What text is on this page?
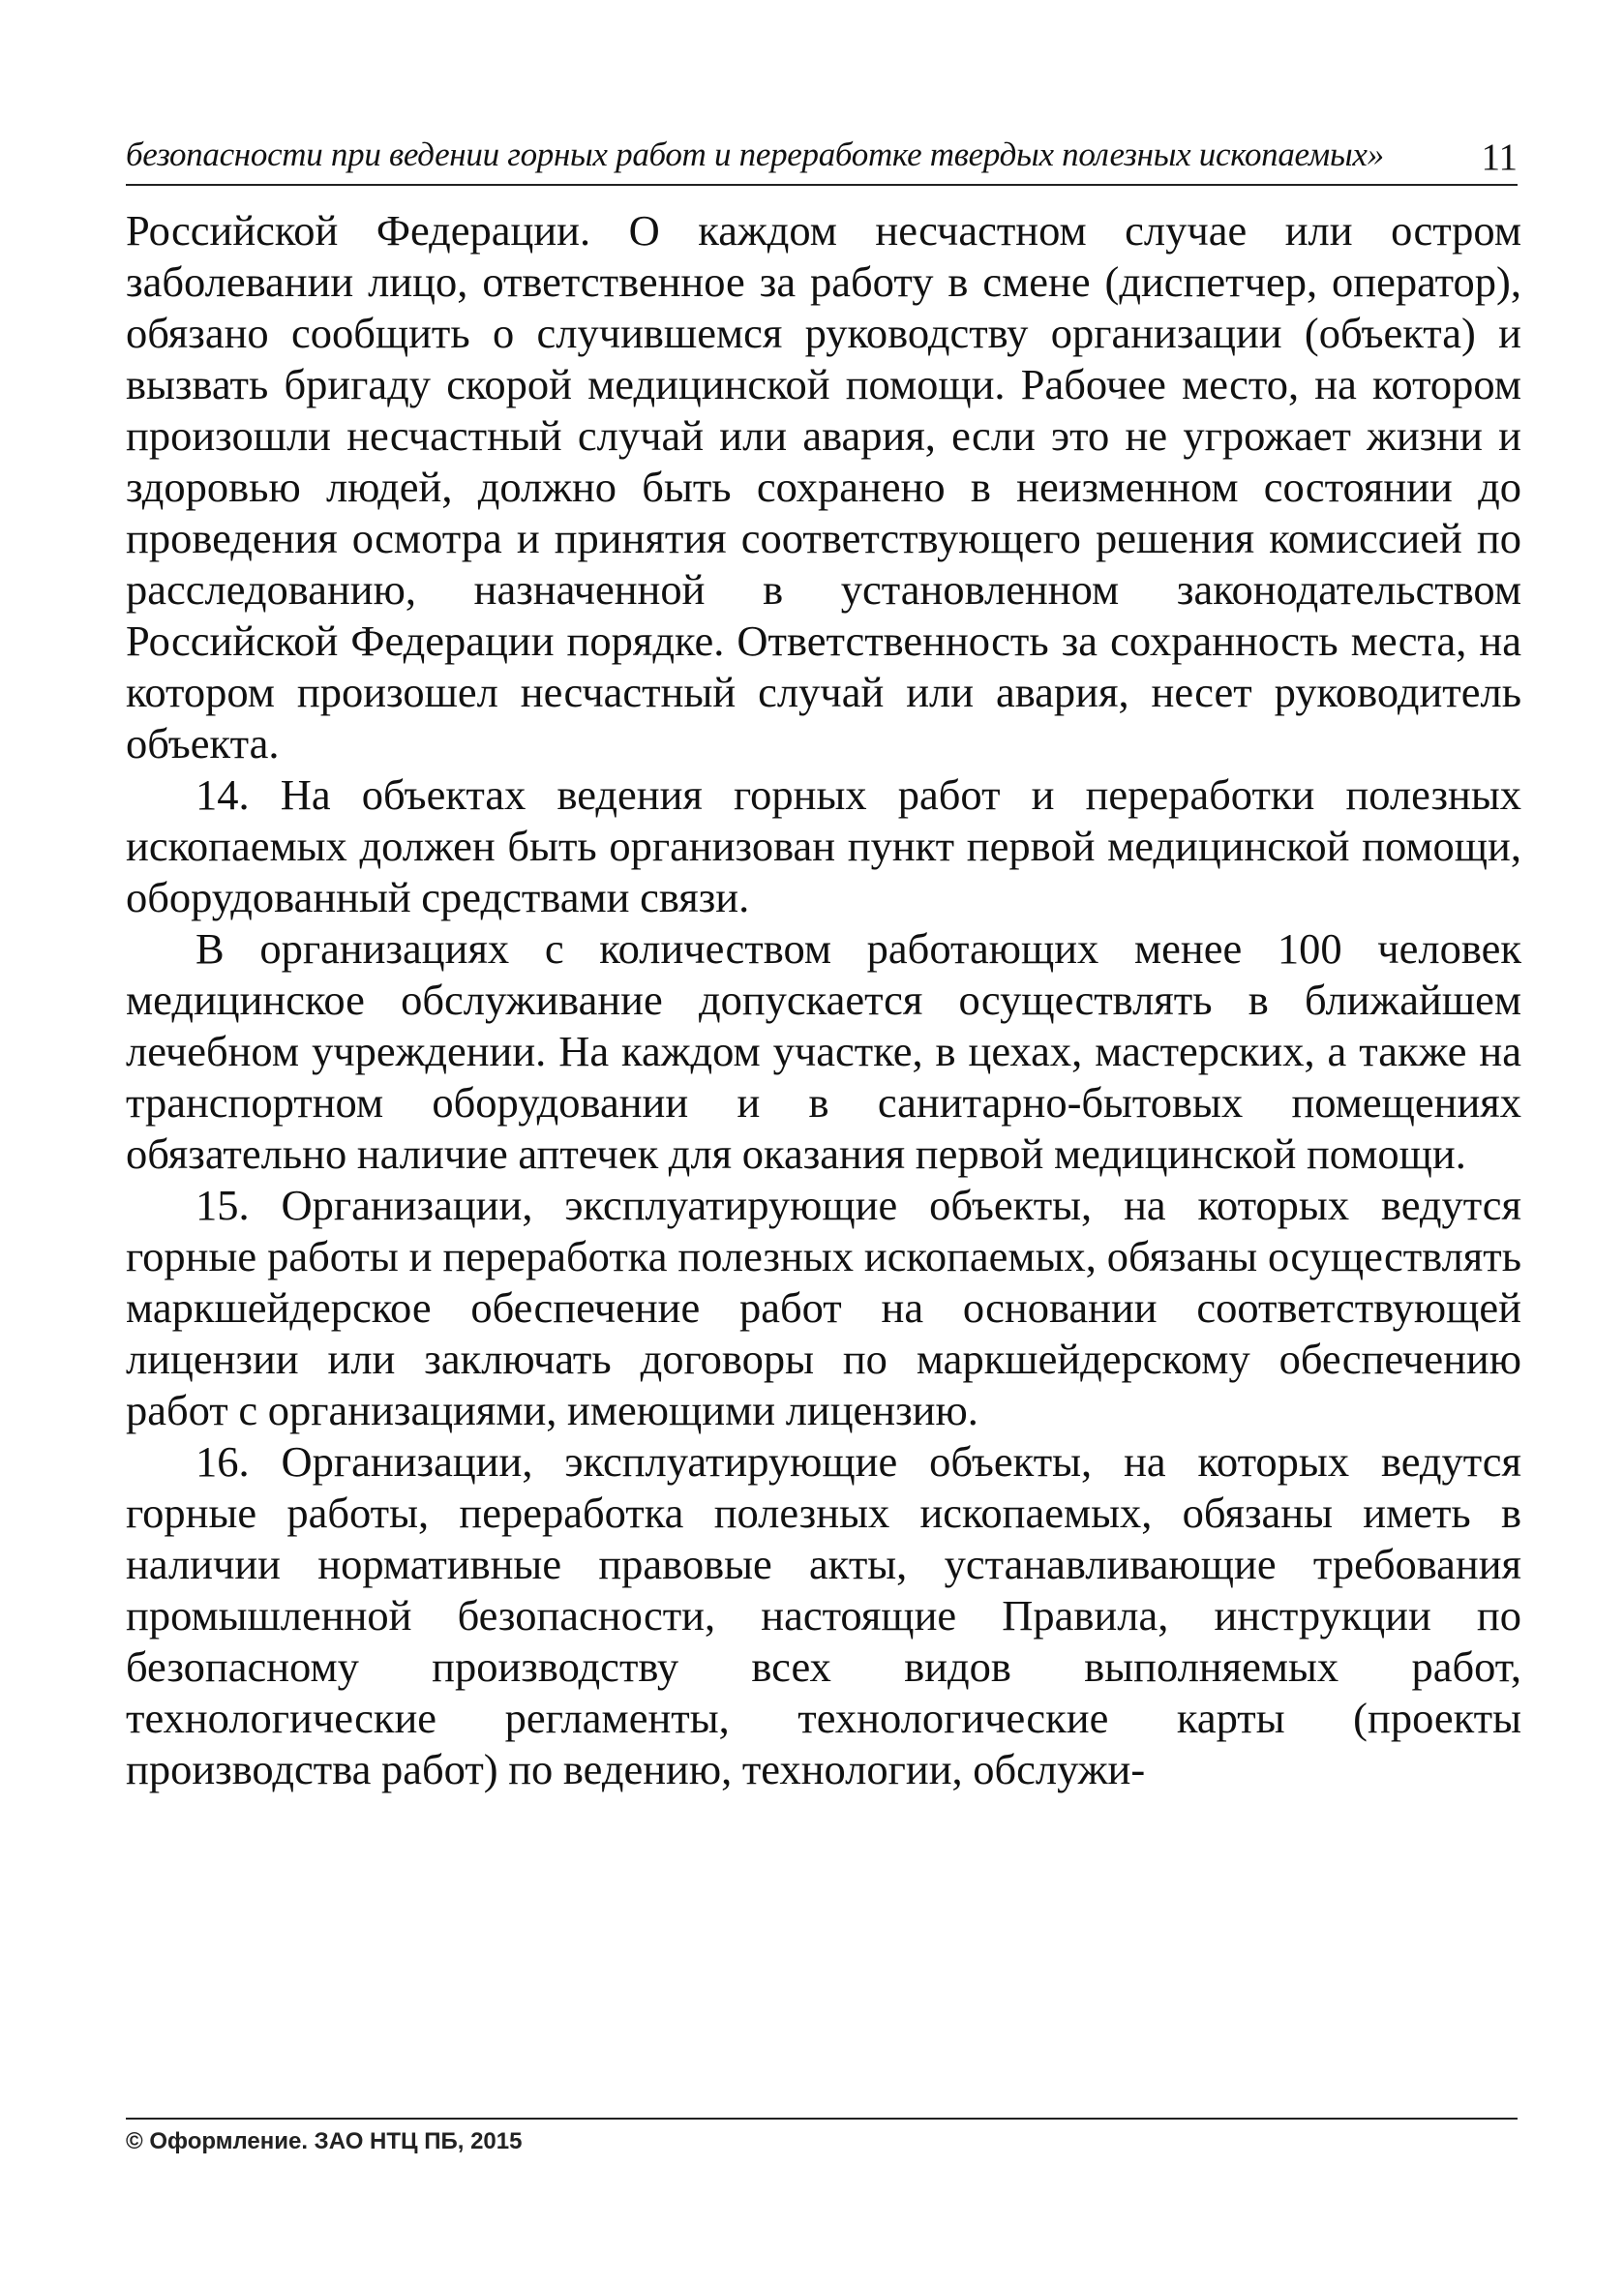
безопасности при ведении горных работ и переработке твердых полезных ископаемых»	11

Российской Федерации. О каждом несчастном случае или остром заболевании лицо, ответственное за работу в смене (диспетчер, оператор), обязано сообщить о случившемся руководству организации (объекта) и вызвать бригаду скорой медицинской помощи. Рабочее место, на котором произошли несчастный случай или авария, если это не угрожает жизни и здоровью людей, должно быть сохранено в неизменном состоянии до проведения осмотра и принятия соответствующего решения комиссией по расследованию, назначенной в установленном законодательством Российской Федерации порядке. Ответственность за сохранность места, на котором произошел несчастный случай или авария, несет руководитель объекта.

14. На объектах ведения горных работ и переработки полезных ископаемых должен быть организован пункт первой медицинской помощи, оборудованный средствами связи.

В организациях с количеством работающих менее 100 человек медицинское обслуживание допускается осуществлять в ближайшем лечебном учреждении. На каждом участке, в цехах, мастерских, а также на транспортном оборудовании и в санитарно-бытовых помещениях обязательно наличие аптечек для оказания первой медицинской помощи.

15. Организации, эксплуатирующие объекты, на которых ведутся горные работы и переработка полезных ископаемых, обязаны осуществлять маркшейдерское обеспечение работ на основании соответствующей лицензии или заключать договоры по маркшейдерскому обеспечению работ с организациями, имеющими лицензию.

16. Организации, эксплуатирующие объекты, на которых ведутся горные работы, переработка полезных ископаемых, обязаны иметь в наличии нормативные правовые акты, устанавливающие требования промышленной безопасности, настоящие Правила, инструкции по безопасному производству всех видов выполняемых работ, технологические регламенты, технологические карты (проекты производства работ) по ведению, технологии, обслужи-

© Оформление. ЗАО НТЦ ПБ, 2015
